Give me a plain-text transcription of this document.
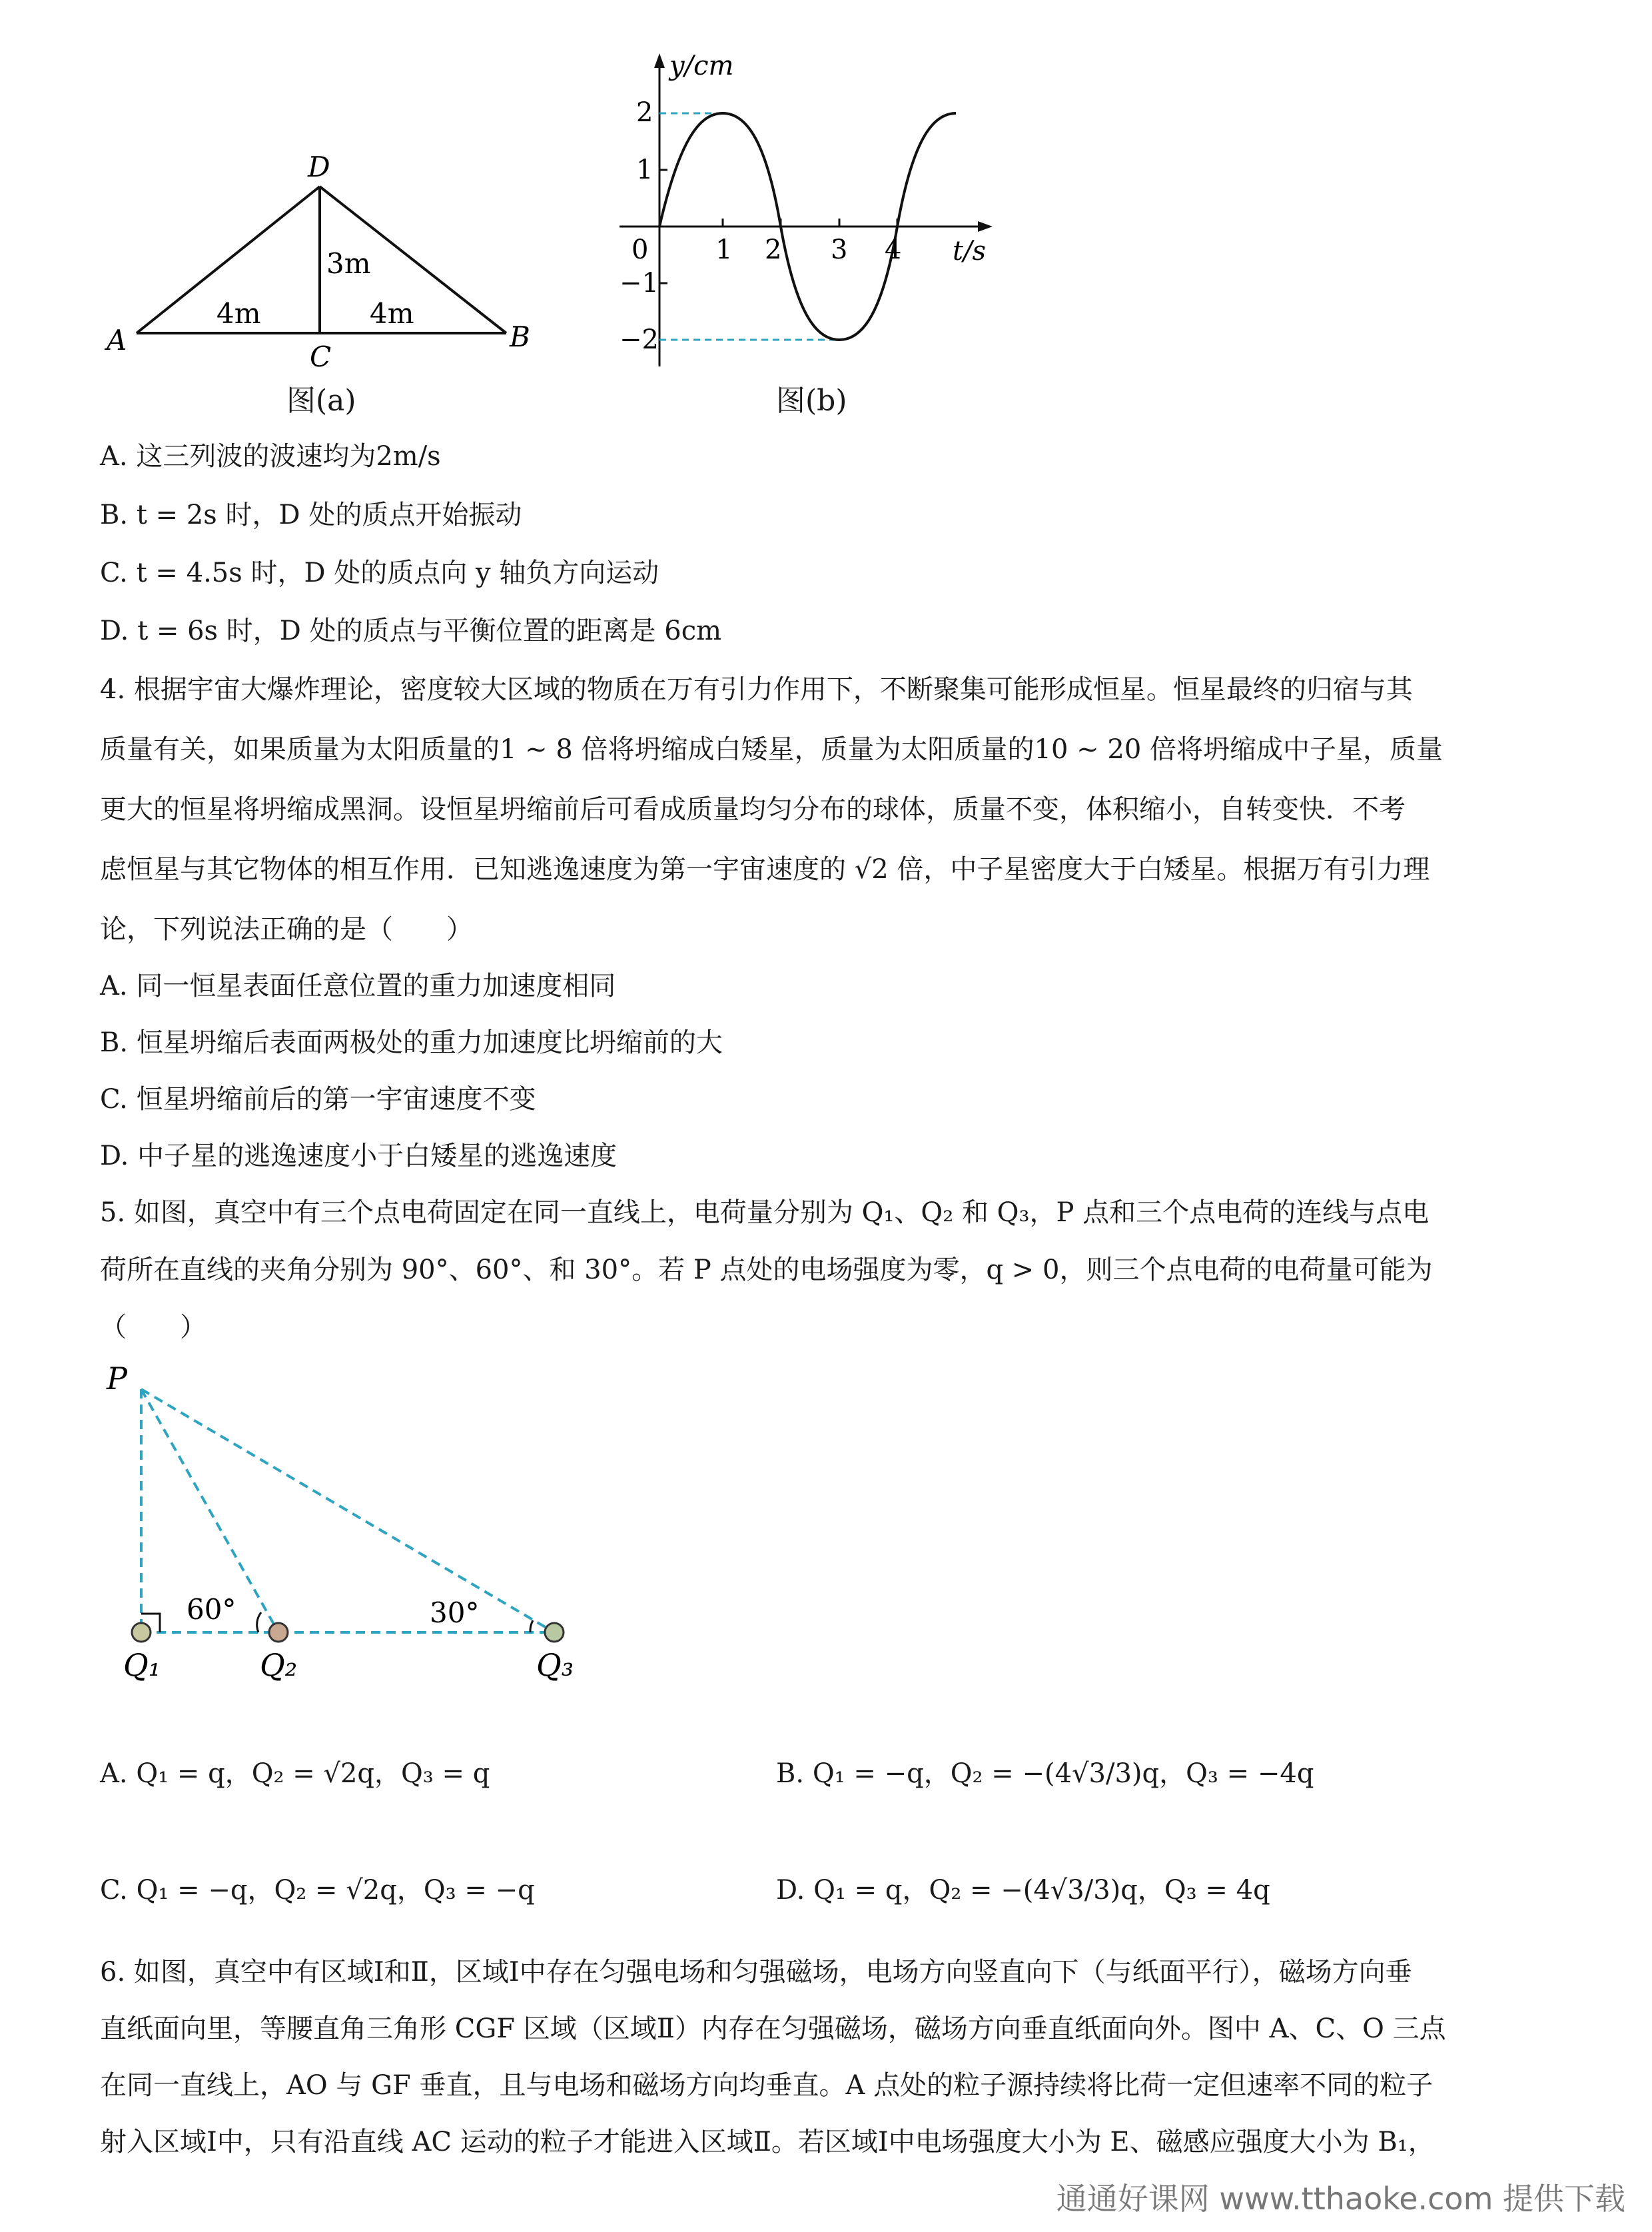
A	B
C
D
4m	4m
3m
图(a)
y/cm
t/s
0	1 2 3 4
2
1
−1
−2
图(b)
A. 这三列波的波速均为2m/s
B. t = 2s 时，D 处的质点开始振动
C. t = 4.5s 时，D 处的质点向 y 轴负方向运动
D. t = 6s 时，D 处的质点与平衡位置的距离是 6cm
4. 根据宇宙大爆炸理论，密度较大区域的物质在万有引力作用下，不断聚集可能形成恒星。恒星最终的归宿与其
质量有关，如果质量为太阳质量的1 ~ 8 倍将坍缩成白矮星，质量为太阳质量的10 ~ 20 倍将坍缩成中子星，质量
更大的恒星将坍缩成黑洞。设恒星坍缩前后可看成质量均匀分布的球体，质量不变，体积缩小，自转变快．不考
虑恒星与其它物体的相互作用．已知逃逸速度为第一宇宙速度的 √2 倍，中子星密度大于白矮星。根据万有引力理
论，下列说法正确的是（　　）
A. 同一恒星表面任意位置的重力加速度相同
B. 恒星坍缩后表面两极处的重力加速度比坍缩前的大
C. 恒星坍缩前后的第一宇宙速度不变
D. 中子星的逃逸速度小于白矮星的逃逸速度
5. 如图，真空中有三个点电荷固定在同一直线上，电荷量分别为 Q₁、Q₂ 和 Q₃，P 点和三个点电荷的连线与点电
荷所在直线的夹角分别为 90°、60°、和 30°。若 P 点处的电场强度为零，q > 0，则三个点电荷的电荷量可能为
（　　）
P
60°	30°
Q₁	Q₂	Q₃
A. Q₁ = q，Q₂ = √2q，Q₃ = q	B. Q₁ = −q，Q₂ = −(4√3/3)q，Q₃ = −4q
C. Q₁ = −q，Q₂ = √2q，Q₃ = −q	D. Q₁ = q，Q₂ = −(4√3/3)q，Q₃ = 4q
6. 如图，真空中有区域Ⅰ和Ⅱ，区域Ⅰ中存在匀强电场和匀强磁场，电场方向竖直向下（与纸面平行），磁场方向垂
直纸面向里，等腰直角三角形 CGF 区域（区域Ⅱ）内存在匀强磁场，磁场方向垂直纸面向外。图中 A、C、O 三点
在同一直线上，AO 与 GF 垂直，且与电场和磁场方向均垂直。A 点处的粒子源持续将比荷一定但速率不同的粒子
射入区域Ⅰ中，只有沿直线 AC 运动的粒子才能进入区域Ⅱ。若区域Ⅰ中电场强度大小为 E、磁感应强度大小为 B₁，
通通好课网 www.tthaoke.com 提供下载
